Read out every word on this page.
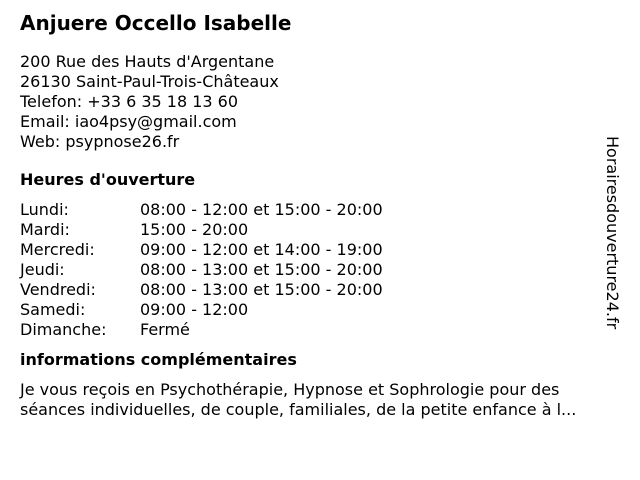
Anjuere Occello Isabelle
200 Rue des Hauts d'Argentane
26130 Saint-Paul-Trois-Châteaux
Telefon: +33 6 35 18 13 60
Email: iao4psy@gmail.com
Web: psypnose26.fr
Heures d'ouverture
Lundi:	08:00 - 12:00 et 15:00 - 20:00
Mardi:	15:00 - 20:00
Mercredi:	09:00 - 12:00 et 14:00 - 19:00
Jeudi:	08:00 - 13:00 et 15:00 - 20:00
Vendredi:	08:00 - 13:00 et 15:00 - 20:00
Samedi:	09:00 - 12:00
Dimanche: Fermé
informations complémentaires
Je vous reçois en Psychothérapie, Hypnose et Sophrologie pour des
séances individuelles, de couple, familiales, de la petite enfance à l...
Horairesdouverture24.fr
